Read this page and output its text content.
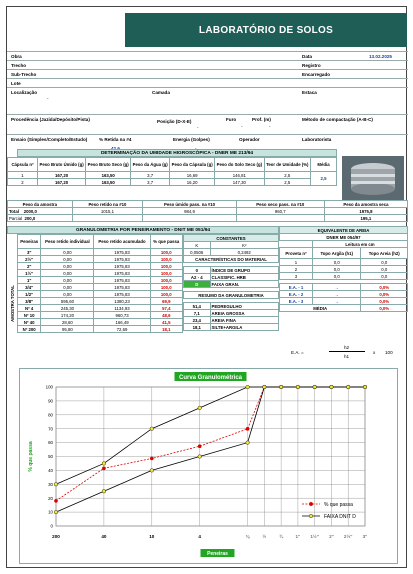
LABORATÓRIO DE SOLOS
Obra	Data	13.02.2025
Trecho	Registro
Sub-Trecho	Encarregado
Lote
Localização
-
Camada	Estaca
Procedência (Jazida/Depósito/Pista)	Posição (D-X-E)
-
Furo
-
Prof. (m)
-
Método de compactação (A-B-C)
Ensaio (Simples/Completo/Estudo)	% Retida na #4	Energia (Golpes)	Operador	Laboratorista
DETERMINAÇÃO DA UMIDADE HIGROSCÓPICA - DNER ME 213/94
Cápsula nº	Peso Bruto Úmido (g)	Peso Bruto Seco (g)	Peso da Água (g)	Peso da Cápsula (g)	Peso do Solo Seco (g)	Teor de Umidade (%)	Média
1	167,20	163,50	3,7	16,69	146,81	2,5	2,5
2	167,20	163,50	3,7	16,20	147,30	2,5	
Peso da amostra	Peso retido na #10	Peso úmido pass. na #10	Peso seco pass. na #10	Peso da amostra seca
Total 2000,0	1015,1	984,9	960,7	1975,8
Parcial 200,0				195,1
GRANULOMETRIA POR PENEIRAMENTO - DNIT ME 051/94
AMOSTRA TOTAL
Peneiras	Peso retido individual	Peso retido acumulado	% que passa
3"	0,00	1975,83	100,0
2½"	0,00	1975,83	100,0
2"	0,00	1975,83	100,0
1½"	0,00	1975,83	100,0
1"	0,00	1975,83	100,0
3/4"	0,00	1975,83	100,0
1/2"	0,00	1975,83	100,0
3/8"	595,60	1380,23	69,9
Nº 4	245,30	1134,93	57,4
Nº 10	174,20	960,73	48,6
Nº 40	28,60	166,49	41,5
Nº 200	95,80	72,69	18,1
CONSTANTES	
K	K²
0,0506	0,2492
CARACTERÍSTICAS DO MATERIAL	

0	ÍNDICE DE GRUPO
A2 - 4	CLASSIFIC. HRB
D	FAIXA GRAN.

RESUMO DA GRANULOMETRIA	

51,4	PEDREGULHO
7,1	AREIA GROSSA
23,4	AREIA FINA
18,1	SILTE+ARGILA
EQUIVALENTE DE AREIA		
DNER ME 054/97		
	Leitura em cm	
Proveta nº	Topo Argila (h1)	Topo Areia (h2)
1	0,0	0,0
2	0,0	0,0
3	0,0	0,0

E.A. - 1	→	0,0%
E.A. - 2	→	0,0%
E.A. - 3	→	0,0%
MÉDIA		0,0%
E.A. =
h2
h1
x 100
Curva Granulométrica
0
10
20
30
40
50
60
70
80
90
100
200	40	10	4	⅜	½	¾	1" 1½" 2" 2½" 3"
% que passa
Peneiras
% que passa
FAIXA DNIT D
